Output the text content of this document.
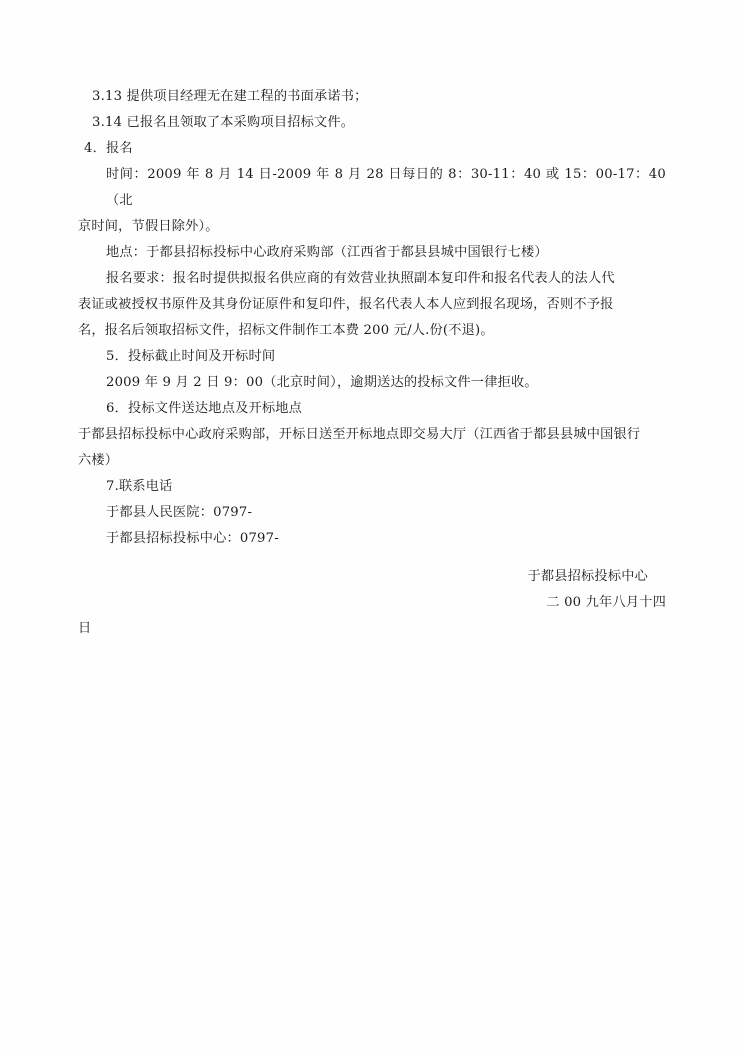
3.13 提供项目经理无在建工程的书面承诺书；
3.14 已报名且领取了本采购项目招标文件。
4．报名
时间：2009 年 8 月 14 日-2009 年 8 月 28 日每日的 8：30-11：40 或 15：00-17：40（北
京时间，节假日除外）。
地点：于都县招标投标中心政府采购部（江西省于都县县城中国银行七楼）
报名要求：报名时提供拟报名供应商的有效营业执照副本复印件和报名代表人的法人代
表证或被授权书原件及其身份证原件和复印件，报名代表人本人应到报名现场，否则不予报
名，报名后领取招标文件，招标文件制作工本费 200 元/人.份(不退)。
5．投标截止时间及开标时间
2009 年 9 月 2 日 9：00（北京时间），逾期送达的投标文件一律拒收。
6．投标文件送达地点及开标地点
于都县招标投标中心政府采购部，开标日送至开标地点即交易大厅（江西省于都县县城中国银行
六楼）
7.联系电话
于都县人民医院：0797-
于都县招标投标中心：0797-
于都县招标投标中心
二 00 九年八月十四
日
